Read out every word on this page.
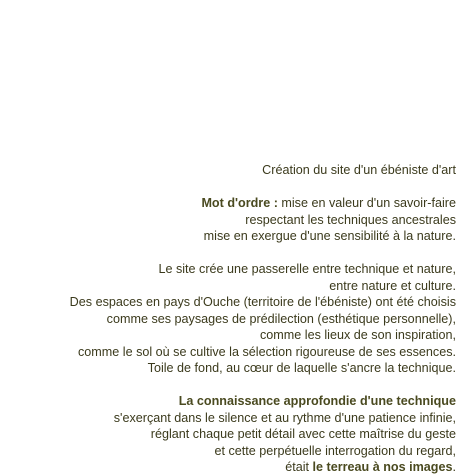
Création du site d'un ébéniste d'art

Mot d'ordre : mise en valeur d'un savoir-faire
respectant les techniques ancestrales
mise en exergue d'une sensibilité à la nature.

Le site crée une passerelle entre technique et nature,
entre nature et culture.
Des espaces en pays d'Ouche (territoire de l'ébéniste) ont été choisis
comme ses paysages de prédilection (esthétique personnelle),
comme les lieux de son inspiration,
comme le sol où se cultive la sélection rigoureuse de ses essences.
Toile de fond, au cœur de laquelle s'ancre la technique.

La connaissance approfondie d'une technique
s'exerçant dans le silence et au rythme d'une patience infinie,
réglant chaque petit détail avec cette maîtrise du geste
et cette perpétuelle interrogation du regard,
était le terreau à nos images.
